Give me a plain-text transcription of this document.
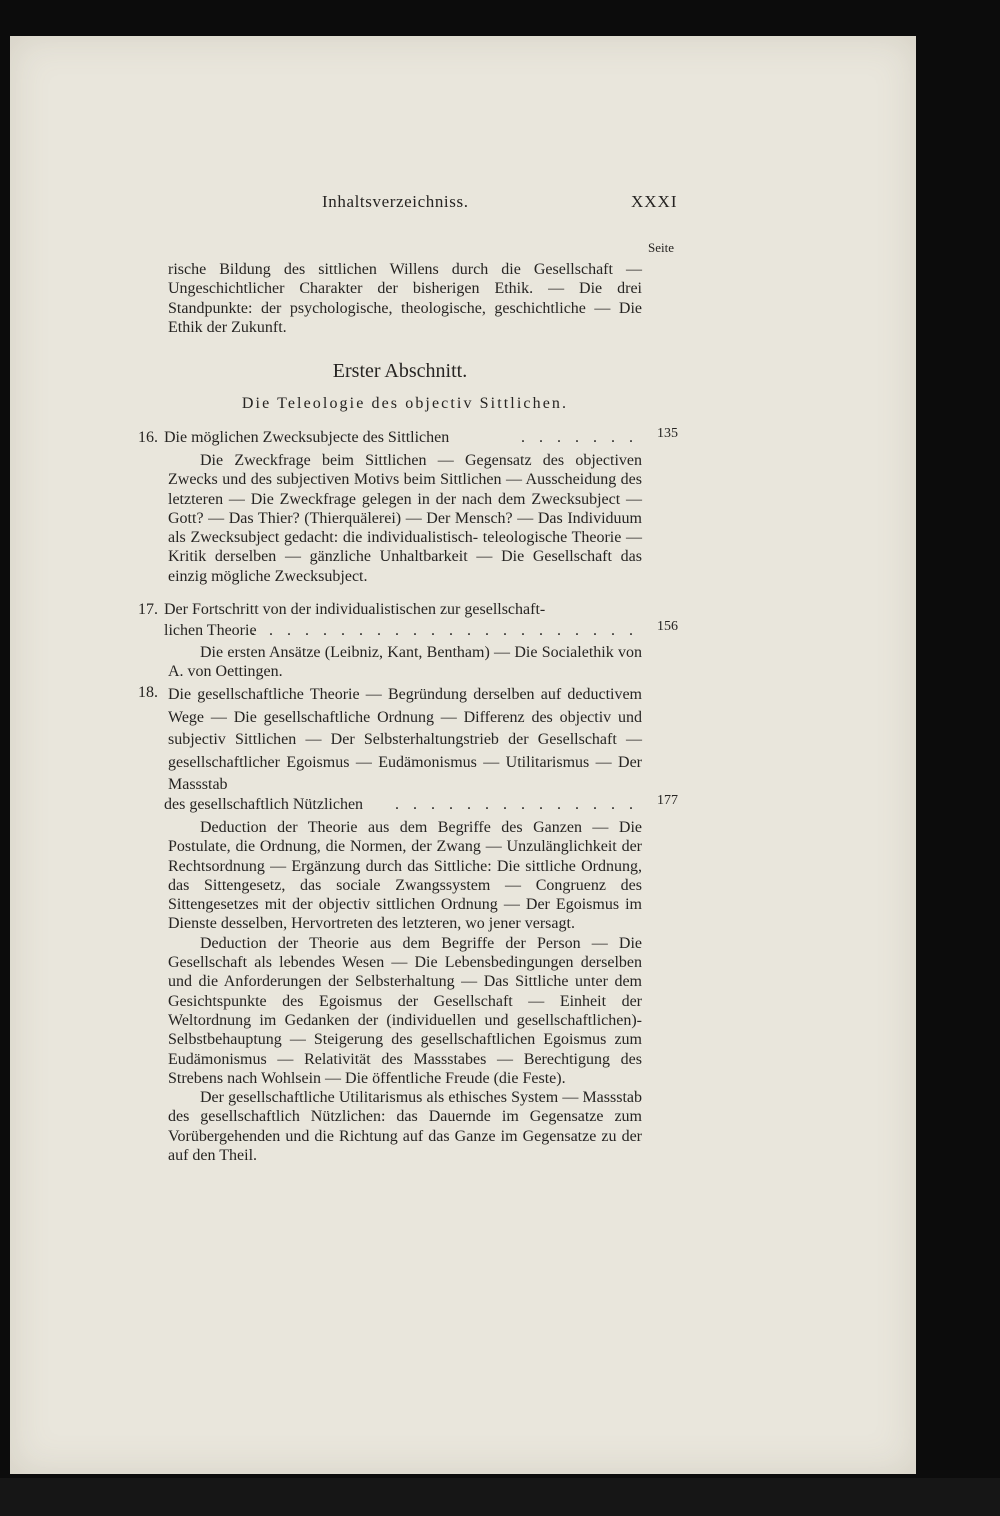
Inhaltsverzeichniss.	XXXI
Seite

rische Bildung des sittlichen Willens durch die Gesellschaft — Ungeschichtlicher Charakter der bisherigen Ethik. — Die drei Standpunkte: der psychologische, theologische, geschichtliche — Die Ethik der Zukunft.

Erster Abschnitt.
Die Teleologie des objectiv Sittlichen.
16. Die möglichen Zwecksubjecte des Sittlichen	. . . . . . . 135

Die Zweckfrage beim Sittlichen — Gegensatz des objectiven Zwecks und des subjectiven Motivs beim Sittlichen — Ausscheidung des letzteren — Die Zweckfrage gelegen in der nach dem Zwecksubject — Gott? — Das Thier? (Thierquälerei) — Der Mensch? — Das Individuum als Zwecksubject gedacht: die individualistisch- teleologische Theorie — Kritik derselben — gänzliche Unhaltbarkeit — Die Gesellschaft das einzig mögliche Zwecksubject.

17. Der Fortschritt von der individualistischen zur gesellschaft-
lichen Theorie
. . . . . . . . . . . . . . . . . . . . . . 156

Die ersten Ansätze (Leibniz, Kant, Bentham) — Die Socialethik von A. von Oettingen.

18. Die gesellschaftliche Theorie — Begründung derselben auf deductivem Wege — Die gesellschaftliche Ordnung — Differenz des objectiv und subjectiv Sittlichen — Der Selbsterhaltungstrieb der Gesellschaft — gesellschaftlicher Egoismus — Eudämonismus — Utilitarismus — Der Massstab

des gesellschaftlich Nützlichen . . . . . . . . . . . . . . 177

Deduction der Theorie aus dem Begriffe des Ganzen — Die Postulate, die Ordnung, die Normen, der Zwang — Unzulänglichkeit der Rechtsordnung — Ergänzung durch das Sittliche: Die sittliche Ordnung, das Sittengesetz, das sociale Zwangssystem — Congruenz des Sittengesetzes mit der objectiv sittlichen Ordnung — Der Egoismus im Dienste desselben, Hervortreten des letzteren, wo jener versagt.

Deduction der Theorie aus dem Begriffe der Person — Die Gesellschaft als lebendes Wesen — Die Lebensbedingungen derselben und die Anforderungen der Selbsterhaltung — Das Sittliche unter dem Gesichtspunkte des Egoismus der Gesellschaft — Einheit der Weltordnung im Gedanken der (individuellen und gesellschaftlichen)-Selbstbehauptung — Steigerung des gesellschaftlichen Egoismus zum Eudämonismus — Relativität des Massstabes — Berechtigung des Strebens nach Wohlsein — Die öffentliche Freude (die Feste).

Der gesellschaftliche Utilitarismus als ethisches System — Massstab des gesellschaftlich Nützlichen: das Dauernde im Gegensatze zum Vorübergehenden und die Richtung auf das Ganze im Gegensatze zu der auf den Theil.
